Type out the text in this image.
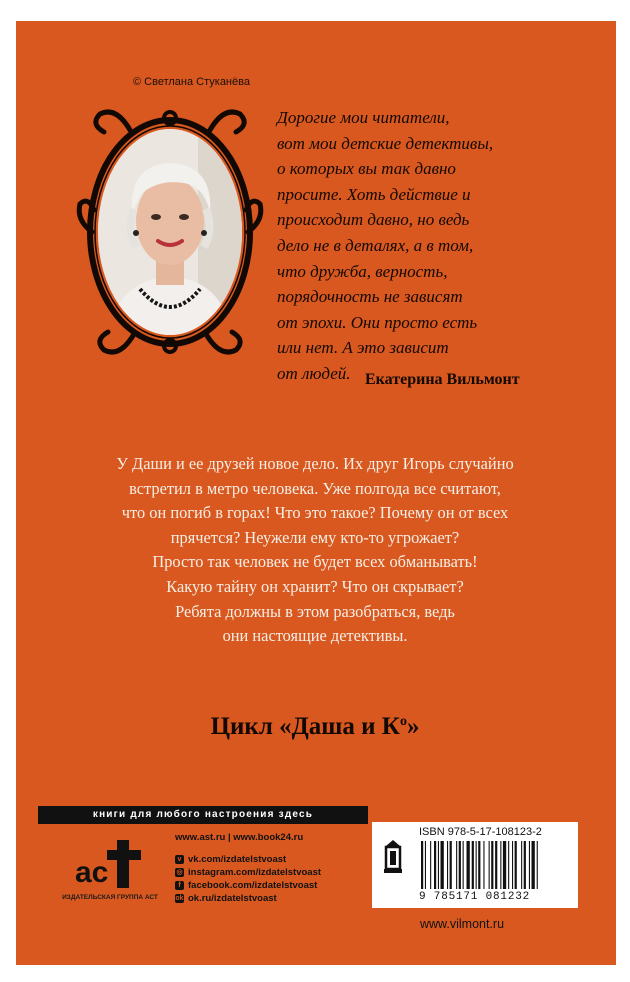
© Светлана Стуканёва
Дорогие мои читатели,
вот мои детские детективы,
о которых вы так давно
просите. Хоть действие и
происходит давно, но ведь
дело не в деталях, а в том,
что дружба, верность,
порядочность не зависят
от эпохи. Они просто есть
или нет. А это зависит
от людей. Екатерина Вильмонт
У Даши и ее друзей новое дело. Их друг Игорь случайно
встретил в метро человека. Уже полгода все считают,
что он погиб в горах! Что это такое? Почему он от всех
прячется? Неужели ему кто-то угрожает?
Просто так человек не будет всех обманывать!
Какую тайну он хранит? Что он скрывает?
Ребята должны в этом разобраться, ведь
они настоящие детективы.
Цикл «Даша и $К^о$»
книги для любого настроения здесь
ac
ИЗДАТЕЛЬСКАЯ ГРУППА АСТ
www.ast.ru | www.book24.ru
v vk.com/izdatelstvoast
◎ instagram.com/izdatelstvoast
f facebook.com/izdatelstvoast
ok ok.ru/izdatelstvoast
ISBN 978-5-17-108123-2
9 785171 081232
www.vilmont.ru
